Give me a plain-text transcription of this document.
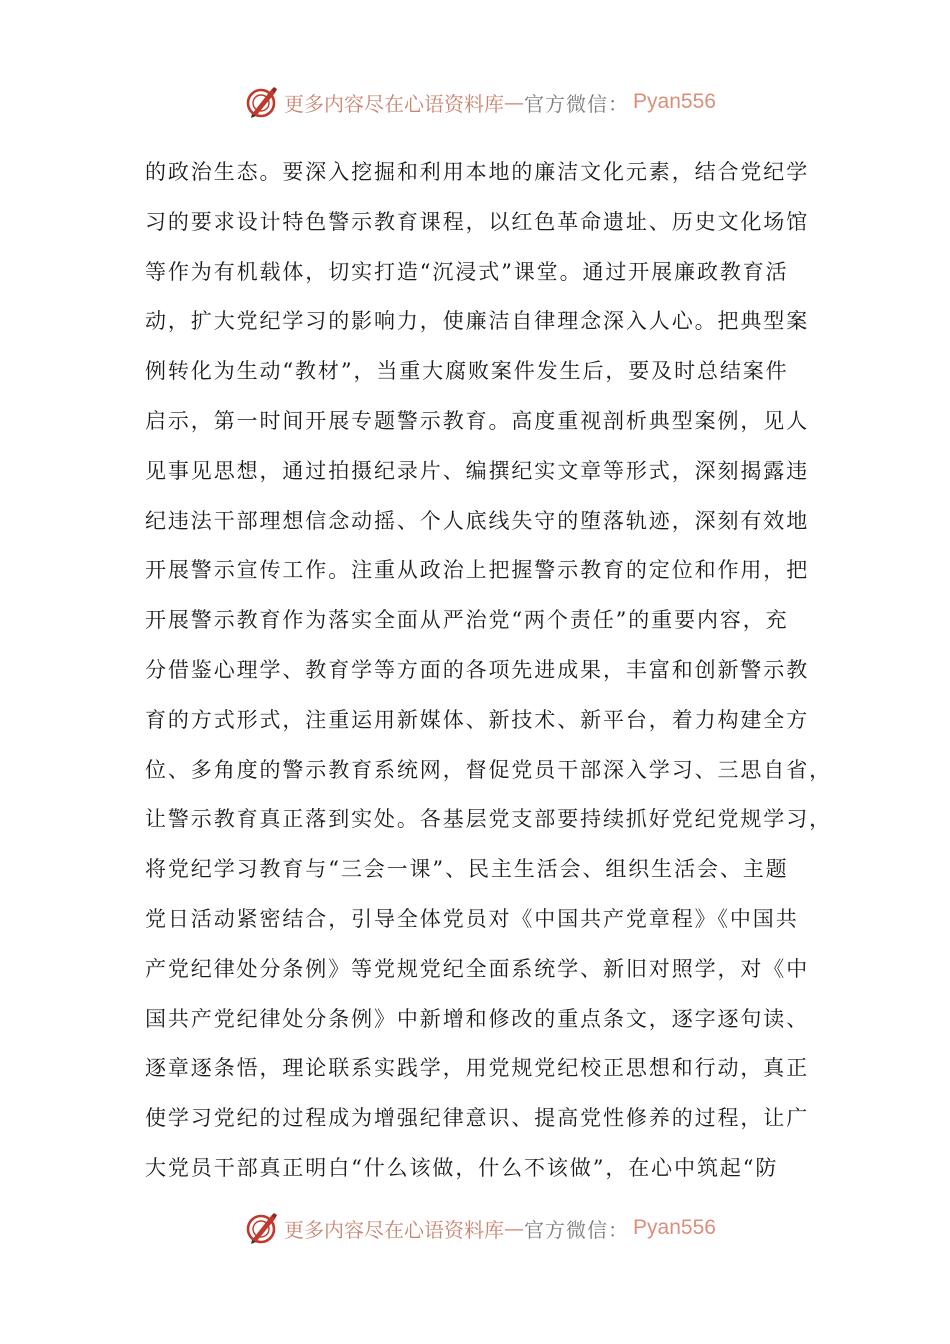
更多内容尽在心语资料库 — 官方微信： Pyan556
的政治生态。要深入挖掘和利用本地的廉洁文化元素，结合党纪学
习的要求设计特色警示教育课程，以红色革命遗址、历史文化场馆
等作为有机载体，切实打造“沉浸式”课堂。通过开展廉政教育活
动，扩大党纪学习的影响力，使廉洁自律理念深入人心。把典型案
例转化为生动“教材”，当重大腐败案件发生后，要及时总结案件
启示，第一时间开展专题警示教育。高度重视剖析典型案例，见人
见事见思想，通过拍摄纪录片、编撰纪实文章等形式，深刻揭露违
纪违法干部理想信念动摇、个人底线失守的堕落轨迹，深刻有效地
开展警示宣传工作。注重从政治上把握警示教育的定位和作用，把
开展警示教育作为落实全面从严治党“两个责任”的重要内容，充
分借鉴心理学、教育学等方面的各项先进成果，丰富和创新警示教
育的方式形式，注重运用新媒体、新技术、新平台，着力构建全方
位、多角度的警示教育系统网，督促党员干部深入学习、三思自省，
让警示教育真正落到实处。各基层党支部要持续抓好党纪党规学习，
将党纪学习教育与“三会一课”、民主生活会、组织生活会、主题
党日活动紧密结合，引导全体党员对《中国共产党章程》《中国共
产党纪律处分条例》等党规党纪全面系统学、新旧对照学，对《中
国共产党纪律处分条例》中新增和修改的重点条文，逐字逐句读、
逐章逐条悟，理论联系实践学，用党规党纪校正思想和行动，真正
使学习党纪的过程成为增强纪律意识、提高党性修养的过程，让广
大党员干部真正明白“什么该做，什么不该做”，在心中筑起“防
更多内容尽在心语资料库 — 官方微信： Pyan556
